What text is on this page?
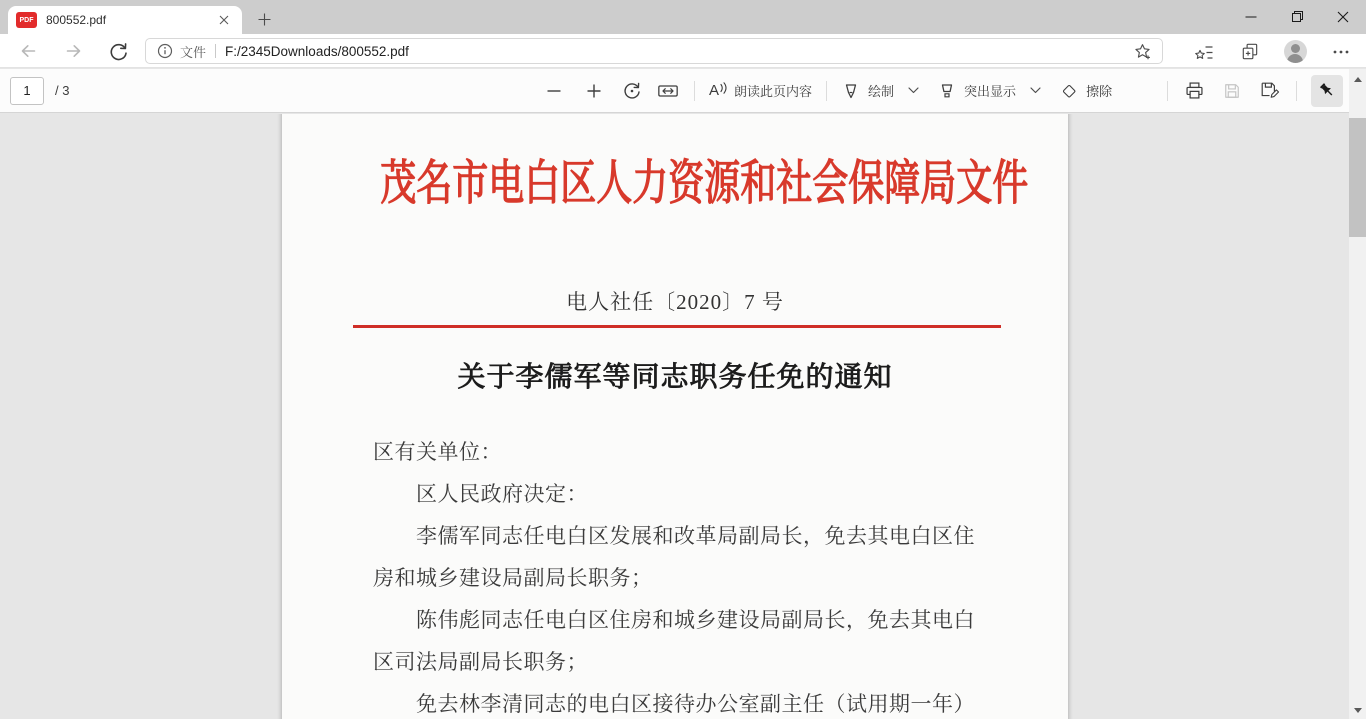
PDF 800552.pdf
文件 F:/2345Downloads/800552.pdf
1
/ 3	A 朗读此页内容	绘制	突出显示	擦除
茂名市电白区人力资源和社会保障局文件
电人社任〔2020〕7 号
关于李儒军等同志职务任免的通知
区有关单位：
区人民政府决定：
李儒军同志任电白区发展和改革局副局长，免去其电白区住
房和城乡建设局副局长职务；
陈伟彪同志任电白区住房和城乡建设局副局长，免去其电白
区司法局副局长职务；
免去林李清同志的电白区接待办公室副主任（试用期一年）
